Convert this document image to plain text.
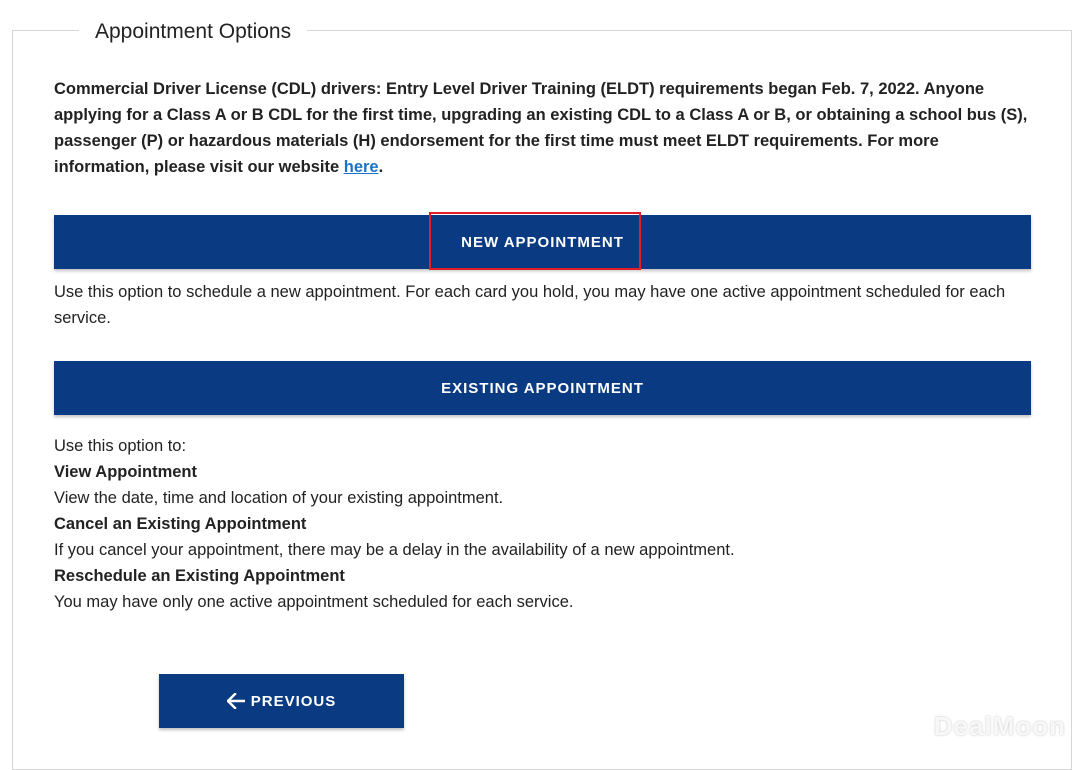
Appointment Options
Commercial Driver License (CDL) drivers: Entry Level Driver Training (ELDT) requirements began Feb. 7, 2022. Anyone applying for a Class A or B CDL for the first time, upgrading an existing CDL to a Class A or B, or obtaining a school bus (S), passenger (P) or hazardous materials (H) endorsement for the first time must meet ELDT requirements. For more information, please visit our website here.
NEW APPOINTMENT
Use this option to schedule a new appointment. For each card you hold, you may have one active appointment scheduled for each service.
EXISTING APPOINTMENT
Use this option to:
View Appointment
View the date, time and location of your existing appointment.
Cancel an Existing Appointment
If you cancel your appointment, there may be a delay in the availability of a new appointment.
Reschedule an Existing Appointment
You may have only one active appointment scheduled for each service.
PREVIOUS
DealMoon
